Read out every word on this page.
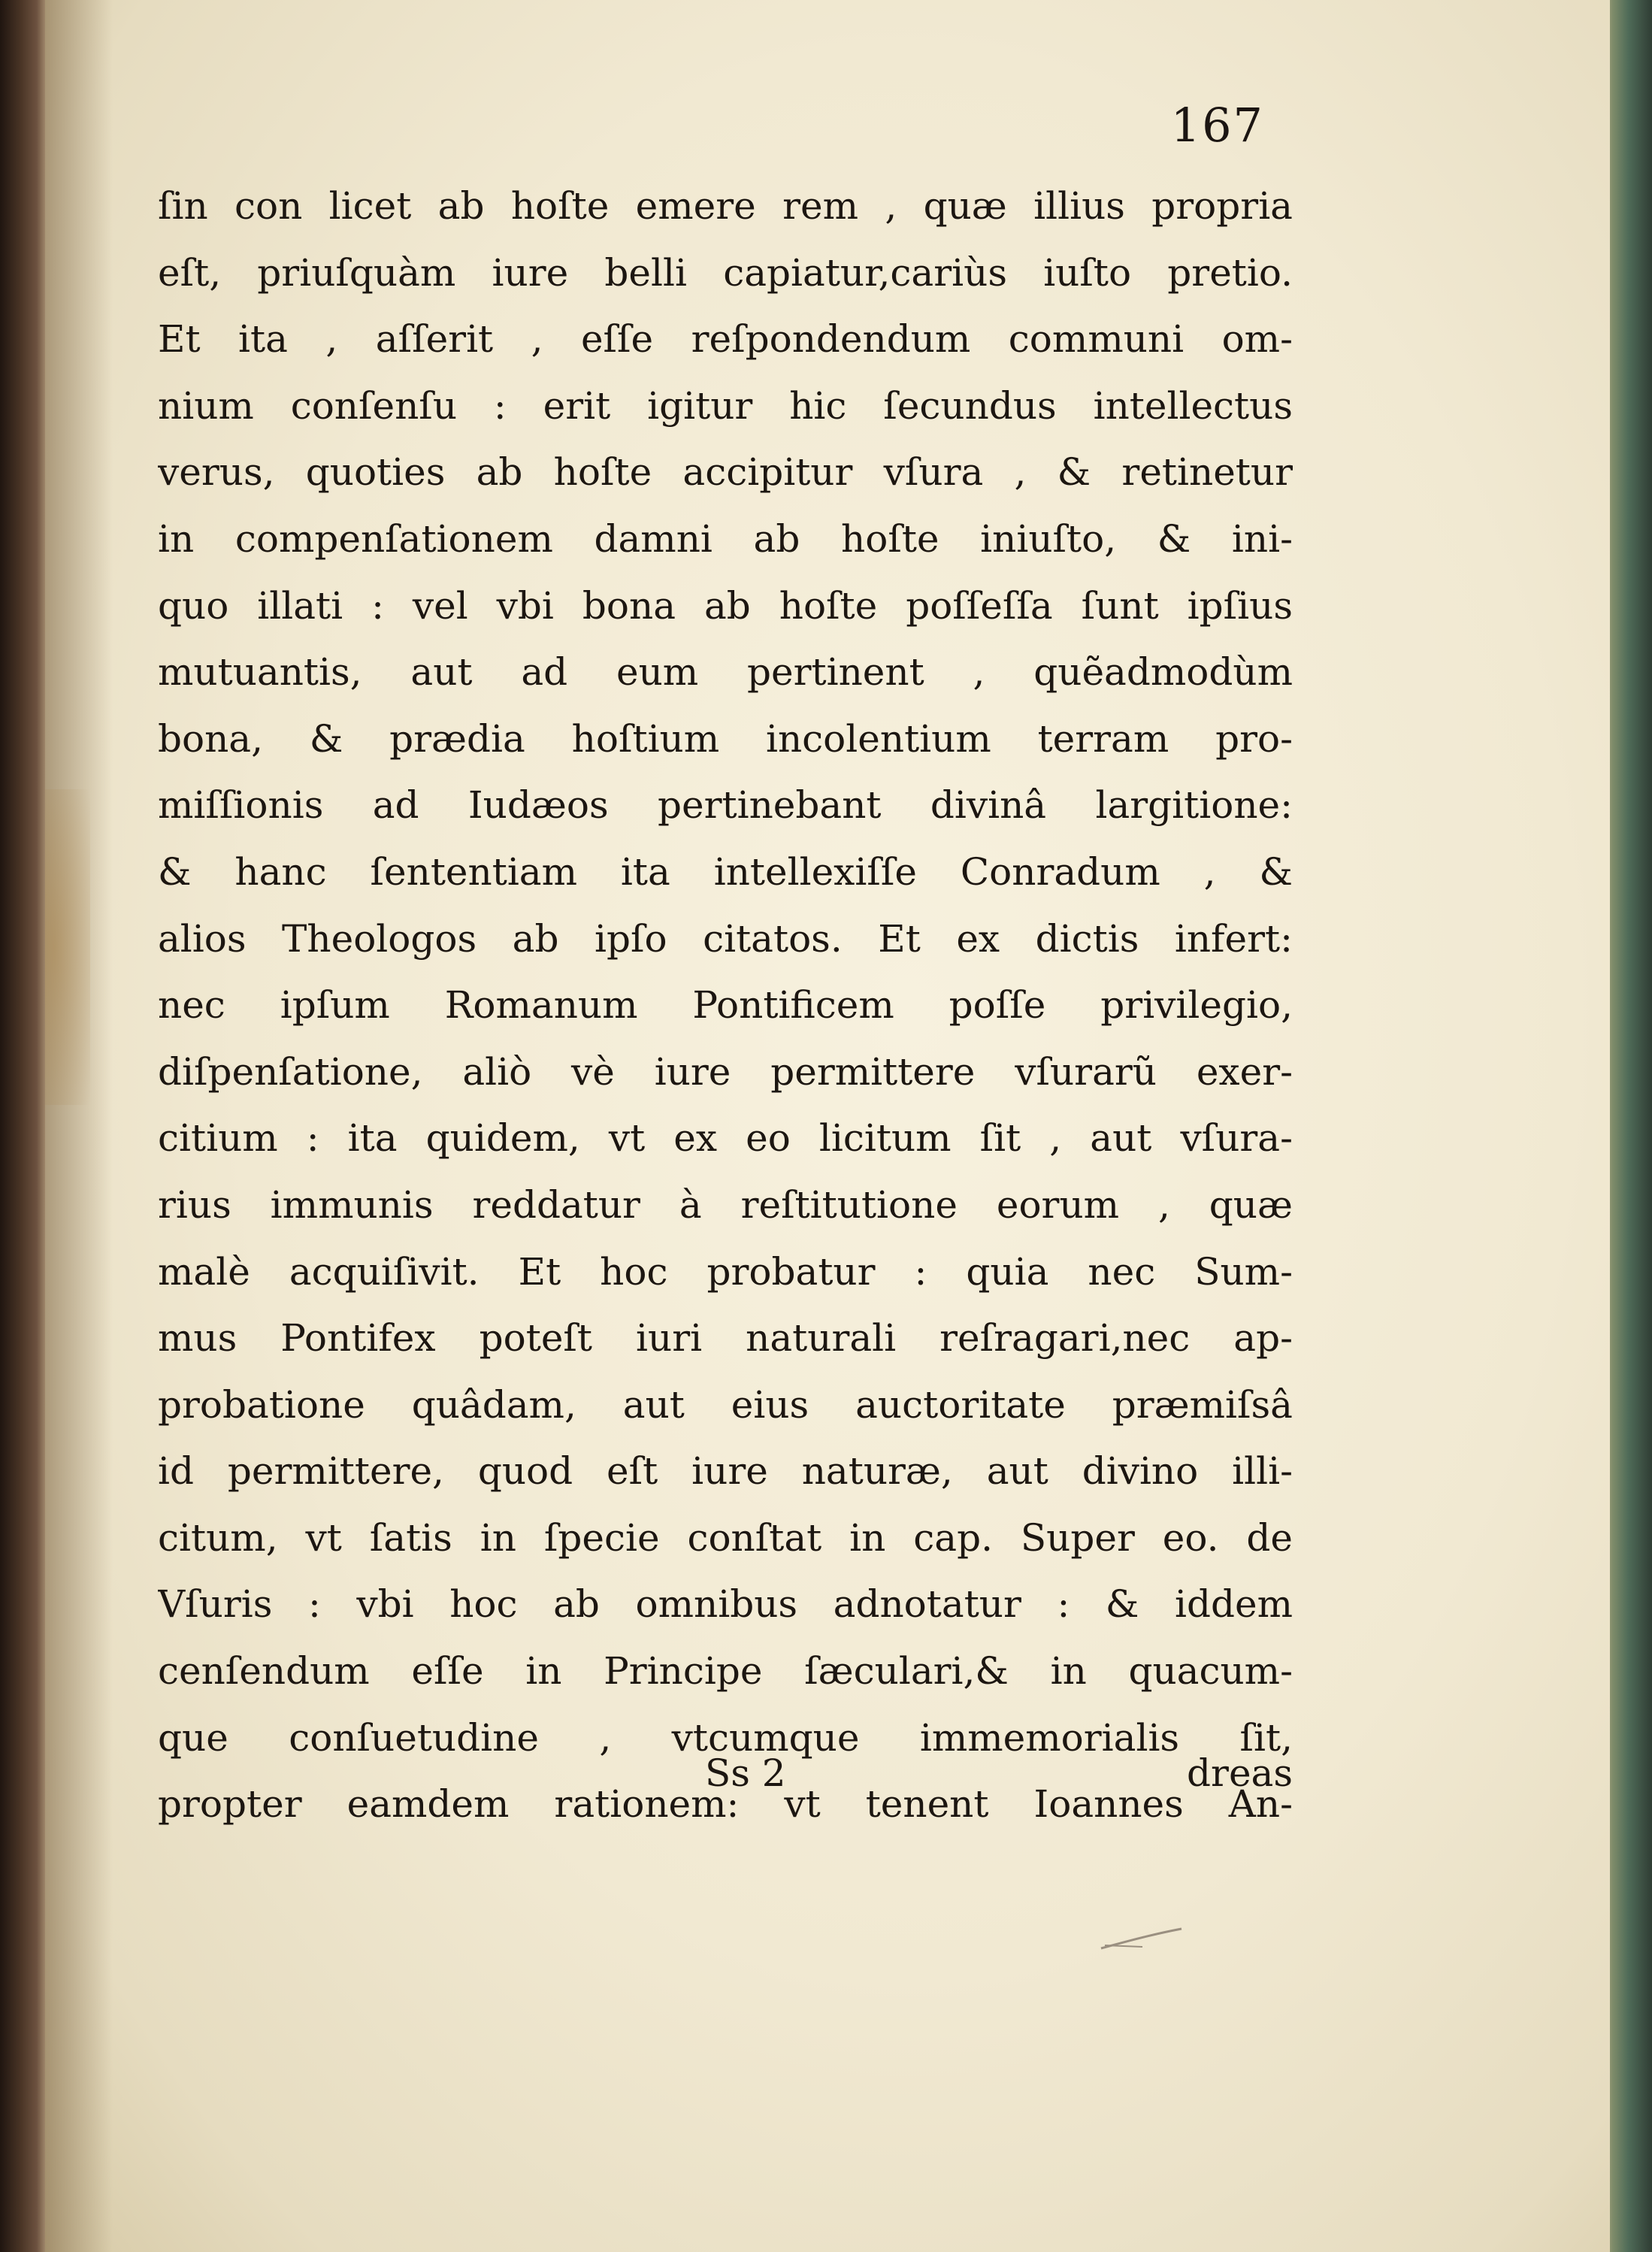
167
ſin con licet ab hoſte emere rem , quæ illius propria
eſt, priuſquàm iure belli capiatur,cariùs iuſto pretio.
Et ita , aſſerit , eſſe reſpondendum communi om-
nium conſenſu : erit igitur hic ſecundus intellectus
verus, quoties ab hoſte accipitur vſura , & retinetur
in compenſationem damni ab hoſte iniuſto, & ini-
quo illati : vel vbi bona ab hoſte poſſeſſa ſunt ipſius
mutuantis, aut ad eum pertinent , quẽadmodùm
bona, & prædia hoſtium incolentium terram pro-
miſſionis ad Iudæos pertinebant divinâ largitione:
& hanc ſententiam ita intellexiſſe Conradum , &
alios Theologos ab ipſo citatos. Et ex dictis infert:
nec ipſum Romanum Pontificem poſſe privilegio,
diſpenſatione, aliò vè iure permittere vſurarũ exer-
citium : ita quidem, vt ex eo licitum ſit , aut vſura-
rius immunis reddatur à reſtitutione eorum , quæ
malè acquiſivit. Et hoc probatur : quia nec Sum-
mus Pontifex poteſt iuri naturali reſragari,nec ap-
probatione quâdam, aut eius auctoritate præmiſsâ
id permittere, quod eſt iure naturæ, aut divino illi-
citum, vt ſatis in ſpecie conſtat in cap. Super eo. de
Vſuris : vbi hoc ab omnibus adnotatur : & iddem
cenſendum eſſe in Principe ſæculari,& in quacum-
que conſuetudine , vtcumque immemorialis ſit,
propter eamdem rationem: vt tenent Ioannes An-
Ss 2	dreas
